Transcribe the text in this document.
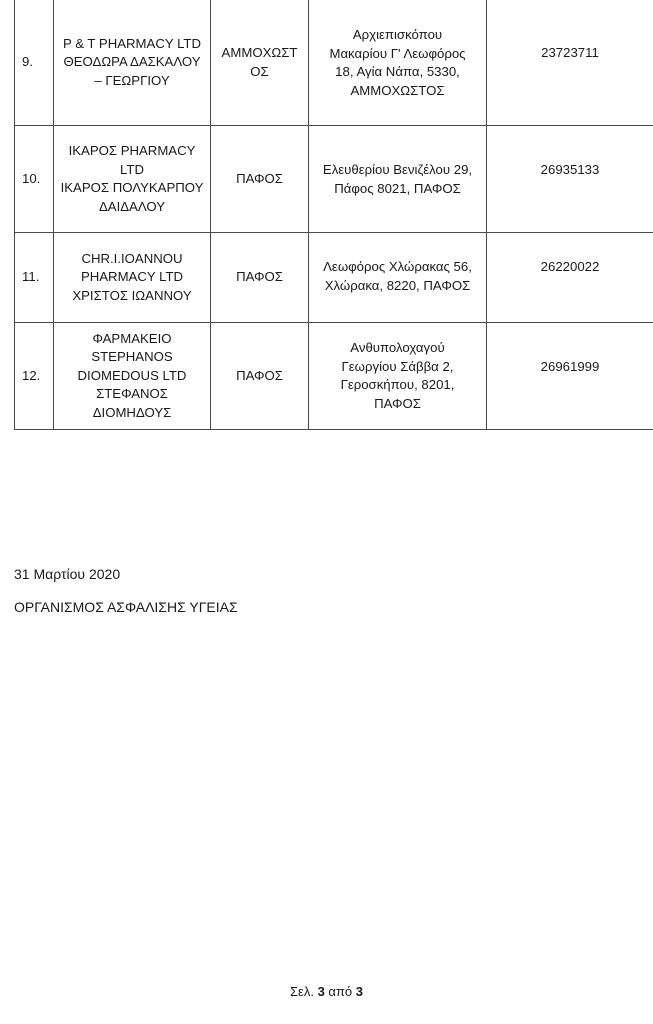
9.	P & T PHARMACY LTD
ΘΕΟΔΩΡΑ ΔΑΣΚΑΛΟΥ
– ΓΕΩΡΓΙΟΥ	ΑΜΜΟΧΩΣΤ
ΟΣ	
Αρχιεπισκόπου
Μακαρίου Γ' Λεωφόρος
18, Αγία Νάπα, 5330,
ΑΜΜΟΧΩΣΤΟΣ

23723711

10.	ΙΚΑΡΟΣ PHARMACY
LTD
ΙΚΑΡΟΣ ΠΟΛΥΚΑΡΠΟΥ
ΔΑΙΔΑΛΟΥ	ΠΑΦΟΣ	
Ελευθερίου Βενιζέλου 29,
Πάφος 8021, ΠΑΦΟΣ

26935133

11.	CHR.I.IOANNOU
PHARMACY LTD
ΧΡΙΣΤΟΣ ΙΩΑΝΝΟΥ	ΠΑΦΟΣ	
Λεωφόρος Χλώρακας 56,
Χλώρακα, 8220, ΠΑΦΟΣ

26220022

12.	ΦΑΡΜΑΚΕΙΟ
STEPHANOS
DIOMEDOUS LTD
ΣΤΕΦΑΝΟΣ
ΔΙΟΜΗΔΟΥΣ	ΠΑΦΟΣ	
Ανθυπολοχαγού
Γεωργίου Σάββα 2,
Γεροσκήπου, 8201,
ΠΑΦΟΣ

26961999
31 Μαρτίου 2020
ΟΡΓΑΝΙΣΜΟΣ ΑΣΦΑΛΙΣΗΣ ΥΓΕΙΑΣ
Σελ. 3 από 3
